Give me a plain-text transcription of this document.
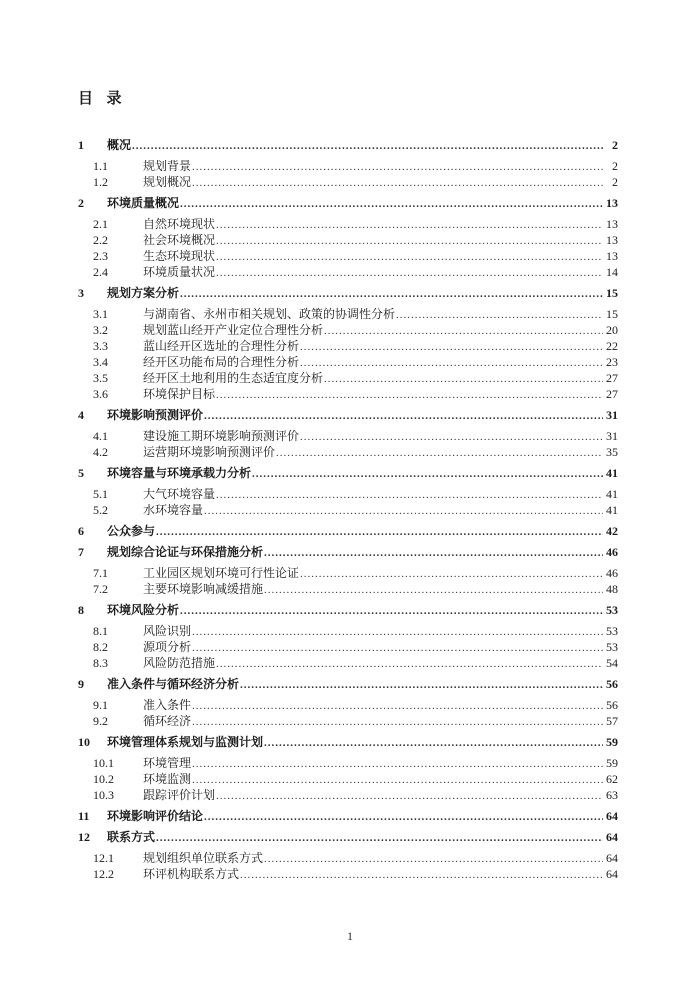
目  录
1	概况 .....	2
1.1	规划背景 .....	2
1.2	规划概况 .....	2
2	环境质量概况 .....	13
2.1	自然环境现状 .....	13
2.2	社会环境概况 .....	13
2.3	生态环境现状 .....	13
2.4	环境质量状况 .....	14
3	规划方案分析 .....	15
3.1	与湖南省、永州市相关规划、政策的协调性分析 .....	15
3.2	规划蓝山经开产业定位合理性分析 .....	20
3.3	蓝山经开区选址的合理性分析 .....	22
3.4	经开区功能布局的合理性分析 .....	23
3.5	经开区土地利用的生态适宜度分析 .....	27
3.6	环境保护目标 .....	27
4	环境影响预测评价 .....	31
4.1	建设施工期环境影响预测评价 .....	31
4.2	运营期环境影响预测评价 .....	35
5	环境容量与环境承载力分析 .....	41
5.1	大气环境容量 .....	41
5.2	水环境容量 .....	41
6	公众参与 .....	42
7	规划综合论证与环保措施分析 .....	46
7.1	工业园区规划环境可行性论证 .....	46
7.2	主要环境影响减缓措施 .....	48
8	环境风险分析 .....	53
8.1	风险识别 .....	53
8.2	源项分析 .....	53
8.3	风险防范措施 .....	54
9	准入条件与循环经济分析 .....	56
9.1	准入条件 .....	56
9.2	循环经济 .....	57
10	环境管理体系规划与监测计划 .....	59
10.1	环境管理 .....	59
10.2	环境监测 .....	62
10.3	跟踪评价计划 .....	63
11	环境影响评价结论 .....	64
12	联系方式 .....	64
12.1	规划组织单位联系方式 .....	64
12.2	环评机构联系方式 .....	64
1
